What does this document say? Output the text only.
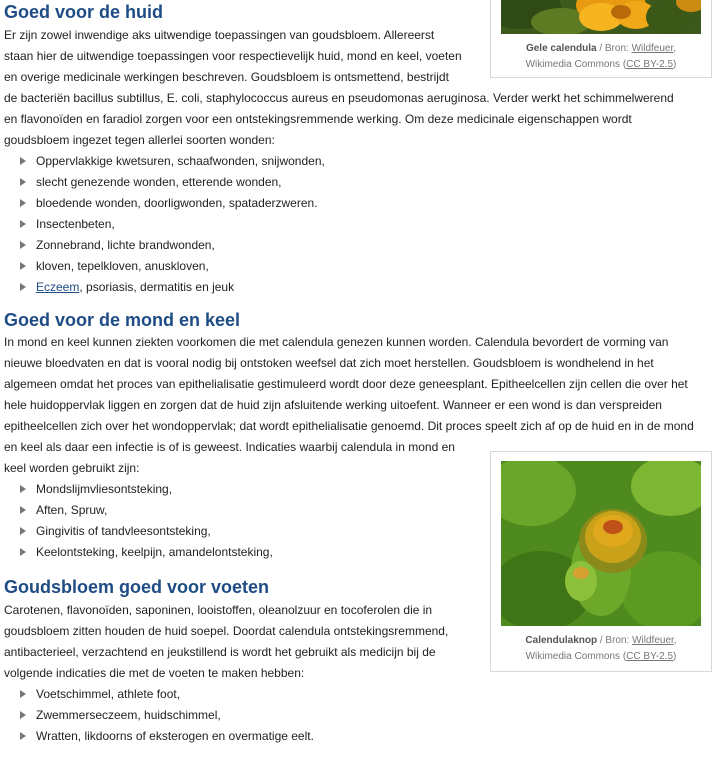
Gele calendula / Bron: Wildfeuer,
Wikimedia Commons (CC BY-2.5)
Calendulaknop / Bron: Wildfeuer,
Wikimedia Commons (CC BY-2.5)
Goed voor de huid

Er zijn zowel inwendige aks uitwendige toepassingen van goudsbloem. Allereerst
staan hier de uitwendige toepassingen voor respectievelijk huid, mond en keel, voeten
en overige medicinale werkingen beschreven. Goudsbloem is ontsmettend, bestrijdt
de bacteriën bacillus subtillus, E. coli, staphylococcus aureus en pseudomonas aeruginosa. Verder werkt het schimmelwerend
en flavonoïden en faradiol zorgen voor een ontstekingsremmende werking. Om deze medicinale eigenschappen wordt
goudsbloem ingezet tegen allerlei soorten wonden:

Oppervlakkige kwetsuren, schaafwonden, snijwonden,
slecht genezende wonden, etterende wonden,
bloedende wonden, doorligwonden, spataderzweren.
Insectenbeten,
Zonnebrand, lichte brandwonden,
kloven, tepelkloven, anuskloven,
Eczeem, psoriasis, dermatitis en jeuk
Goed voor de mond en keel

In mond en keel kunnen ziekten voorkomen die met calendula genezen kunnen worden. Calendula bevordert de vorming van
nieuwe bloedvaten en dat is vooral nodig bij ontstoken weefsel dat zich moet herstellen. Goudsbloem is wondhelend in het
algemeen omdat het proces van epithelialisatie gestimuleerd wordt door deze geneesplant. Epitheelcellen zijn cellen die over het
hele huidoppervlak liggen en zorgen dat de huid zijn afsluitende werking uitoefent. Wanneer er een wond is dan verspreiden
epitheelcellen zich over het wondoppervlak; dat wordt epithelialisatie genoemd. Dit proces speelt zich af op de huid en in de mond
en keel als daar een infectie is of is geweest. Indicaties waarbij calendula in mond en
keel worden gebruikt zijn:

Mondslijmvliesontsteking,
Aften, Spruw,
Gingivitis of tandvleesontsteking,
Keelontsteking, keelpijn, amandelontsteking,
Goudsbloem goed voor voeten

Carotenen, flavonoïden, saponinen, looistoffen, oleanolzuur en tocoferolen die in
goudsbloem zitten houden de huid soepel. Doordat calendula ontstekingsremmend,
antibacterieel, verzachtend en jeukstillend is wordt het gebruikt als medicijn bij de
volgende indicaties die met de voeten te maken hebben:

Voetschimmel, athlete foot,
Zwemmerseczeem, huidschimmel,
Wratten, likdoorns of eksterogen en overmatige eelt.
